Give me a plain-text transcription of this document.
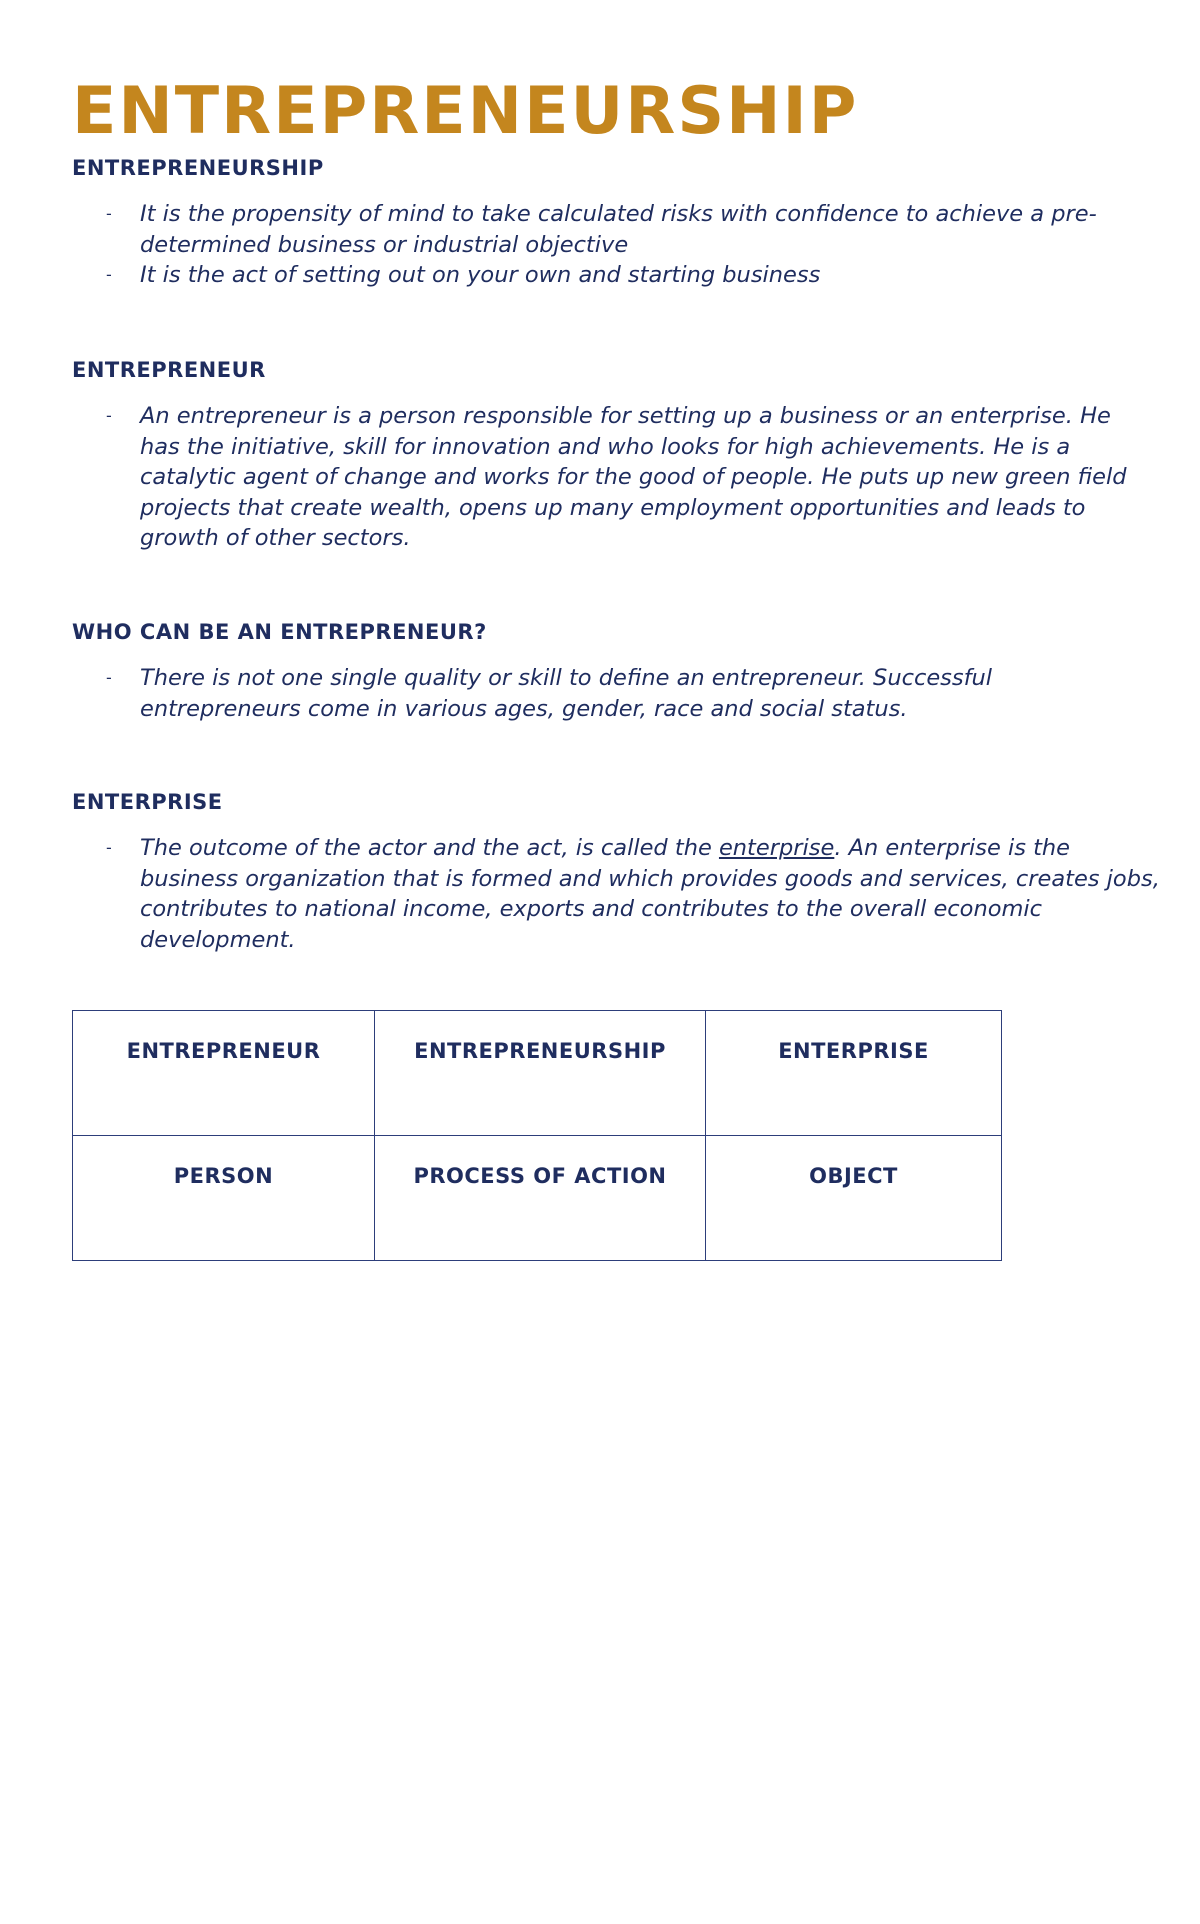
ENTREPRENEURSHIP
ENTREPRENEURSHIP
- It is the propensity of mind to take calculated risks with confidence to achieve a pre-determined business or industrial objective
- It is the act of setting out on your own and starting business
ENTREPRENEUR
- An entrepreneur is a person responsible for setting up a business or an enterprise. He has the initiative, skill for innovation and who looks for high achievements. He is a catalytic agent of change and works for the good of people. He puts up new green field projects that create wealth, opens up many employment opportunities and leads to growth of other sectors.
WHO CAN BE AN ENTREPRENEUR?
- There is not one single quality or skill to define an entrepreneur. Successful entrepreneurs come in various ages, gender, race and social status.
ENTERPRISE
- The outcome of the actor and the act, is called the enterprise. An enterprise is the business organization that is formed and which provides goods and services, creates jobs, contributes to national income, exports and contributes to the overall economic development.
ENTREPRENEUR	ENTREPRENEURSHIP	ENTERPRISE
PERSON	PROCESS OF ACTION	OBJECT
